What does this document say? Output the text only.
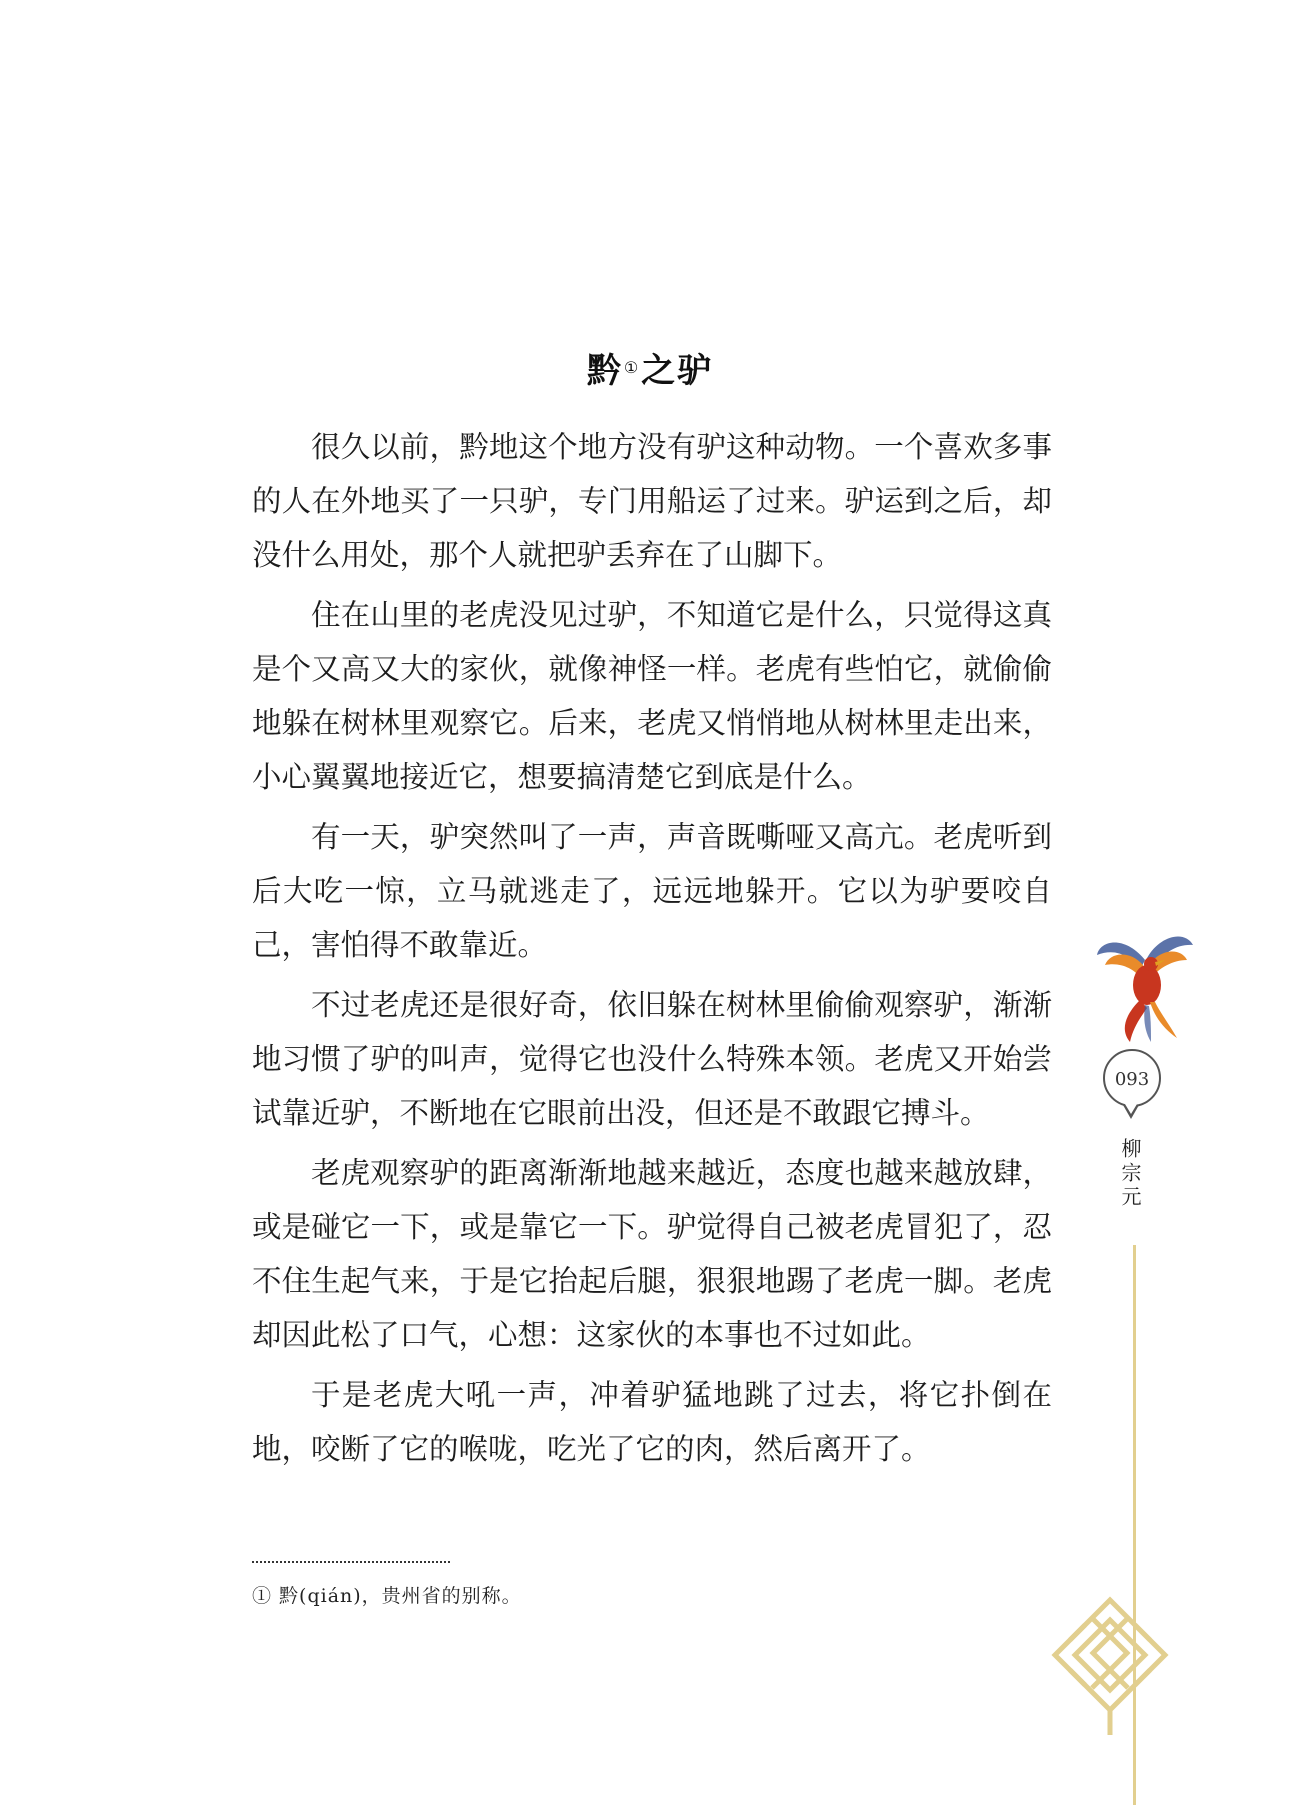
黔①之驴

很久以前，黔地这个地方没有驴这种动物。一个喜欢多事的人在外地买了一只驴，专门用船运了过来。驴运到之后，却没什么用处，那个人就把驴丢弃在了山脚下。

住在山里的老虎没见过驴，不知道它是什么，只觉得这真是个又高又大的家伙，就像神怪一样。老虎有些怕它，就偷偷地躲在树林里观察它。后来，老虎又悄悄地从树林里走出来，小心翼翼地接近它，想要搞清楚它到底是什么。

有一天，驴突然叫了一声，声音既嘶哑又高亢。老虎听到后大吃一惊，立马就逃走了，远远地躲开。它以为驴要咬自己，害怕得不敢靠近。

不过老虎还是很好奇，依旧躲在树林里偷偷观察驴，渐渐地习惯了驴的叫声，觉得它也没什么特殊本领。老虎又开始尝试靠近驴，不断地在它眼前出没，但还是不敢跟它搏斗。

老虎观察驴的距离渐渐地越来越近，态度也越来越放肆，或是碰它一下，或是靠它一下。驴觉得自己被老虎冒犯了，忍不住生起气来，于是它抬起后腿，狠狠地踢了老虎一脚。老虎却因此松了口气，心想：这家伙的本事也不过如此。

于是老虎大吼一声，冲着驴猛地跳了过去，将它扑倒在地，咬断了它的喉咙，吃光了它的肉，然后离开了。

① 黔(qián)，贵州省的别称。
093
柳宗元
